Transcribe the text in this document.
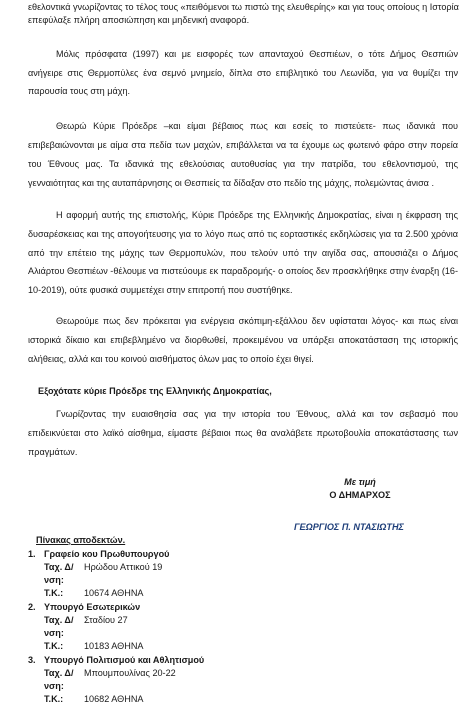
εθελοντικά γνωρίζοντας το τέλος τους «πειθόμενοι τω πιστώ της ελευθερίης» και για τους οποίους η Ιστορία

επεφύλαξε πλήρη αποσιώπηση και μηδενική αναφορά.

Μόλις πρόσφατα (1997) και με εισφορές των απανταχού Θεσπιέων, ο τότε Δήμος Θεσπιών ανήγειρε στις Θερμοπύλες ένα σεμνό μνημείο, δίπλα στο επιβλητικό του Λεωνίδα, για να θυμίζει την παρουσία τους στη μάχη.

Θεωρώ Κύριε Πρόεδρε –και είμαι βέβαιος πως και εσείς το πιστεύετε- πως ιδανικά που επιβεβαιώνονται με αίμα στα πεδία των μαχών, επιβάλλεται να τα έχουμε ως φωτεινό φάρο στην πορεία του Έθνους μας. Τα ιδανικά της εθελούσιας αυτοθυσίας για την πατρίδα, του εθελοντισμού, της γενναιότητας και της αυταπάρνησης οι Θεσπιείς τα δίδαξαν στο πεδίο της μάχης, πολεμώντας άνισα .

Η αφορμή αυτής της επιστολής, Κύριε Πρόεδρε της Ελληνικής Δημοκρατίας, είναι η έκφραση της δυσαρέσκειας και της απογοήτευσης για το λόγο πως από τις εορταστικές εκδηλώσεις για τα 2.500 χρόνια από την επέτειο της μάχης των Θερμοπυλών, που τελούν υπό την αιγίδα σας, απουσιάζει ο Δήμος Αλιάρτου Θεσπιέων -θέλουμε να πιστεύουμε εκ παραδρομής- ο οποίος δεν προσκλήθηκε στην έναρξη (16-10-2019), ούτε φυσικά συμμετέχει στην επιτροπή που συστήθηκε.

Θεωρούμε πως δεν πρόκειται για ενέργεια σκόπιμη-εξάλλου δεν υφίσταται λόγος- και πως είναι ιστορικά δίκαιο και επιβεβλημένο να διορθωθεί, προκειμένου να υπάρξει αποκατάσταση της ιστορικής αλήθειας, αλλά και του κοινού αισθήματος όλων μας το οποίο έχει θιγεί.

Εξοχότατε κύριε Πρόεδρε της Ελληνικής Δημοκρατίας,

Γνωρίζοντας την ευαισθησία σας για την ιστορία του Έθνους, αλλά και τον σεβασμό που επιδεικνύεται στο λαϊκό αίσθημα, είμαστε βέβαιοι πως θα αναλάβετε πρωτοβουλία αποκατάστασης των πραγμάτων.

Με τιμή
Ο ΔΗΜΑΡΧΟΣ
ΓΕΩΡΓΙΟΣ Π. ΝΤΑΣΙΩΤΗΣ
Πίνακας αποδεκτών.
1. Γραφείο κου Πρωθυπουργού
Ταχ. Δ/νση:
Ηρώδου Αττικού 19
Τ.Κ.:	10674 ΑΘΗΝΑ
2. Υπουργό Εσωτερικών
Ταχ. Δ/νση:
Σταδίου 27
Τ.Κ.:	10183 ΑΘΗΝΑ
3. Υπουργό Πολιτισμού και Αθλητισμού
Ταχ. Δ/νση:
Μπουμπουλίνας 20-22
Τ.Κ.:	10682 ΑΘΗΝΑ
